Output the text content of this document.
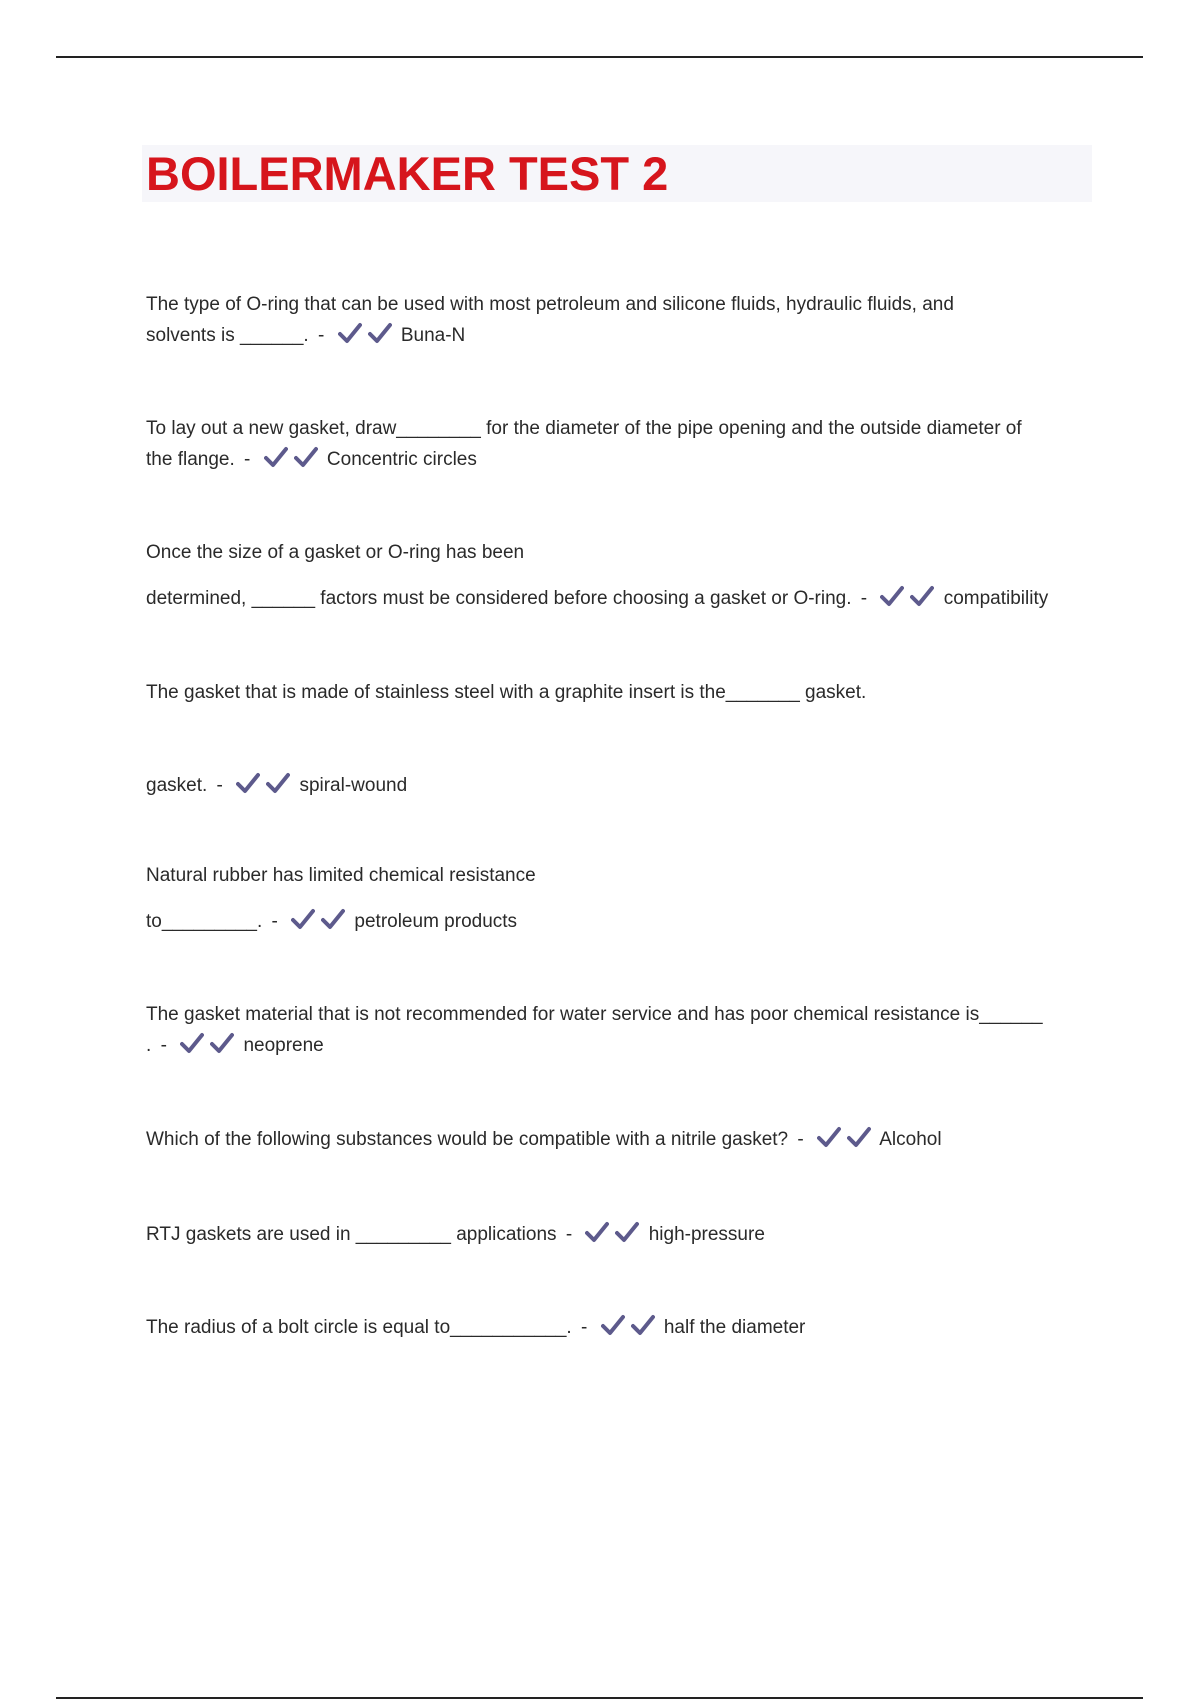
BOILERMAKER TEST 2
The type of O-ring that can be used with most petroleum and silicone fluids, hydraulic fluids, and
solvents is ______. -	Buna-N
To lay out a new gasket, draw________ for the diameter of the pipe opening and the outside diameter of
the flange. -	Concentric circles
Once the size of a gasket or O-ring has been
determined, ______ factors must be considered before choosing a gasket or O-ring. -	compatibility
The gasket that is made of stainless steel with a graphite insert is the_______ gasket.
gasket. -	spiral-wound
Natural rubber has limited chemical resistance
to_________. -	petroleum products
The gasket material that is not recommended for water service and has poor chemical resistance is______
. -	neoprene
Which of the following substances would be compatible with a nitrile gasket? -	Alcohol
RTJ gaskets are used in _________ applications -	high-pressure
The radius of a bolt circle is equal to___________. -	half the diameter
